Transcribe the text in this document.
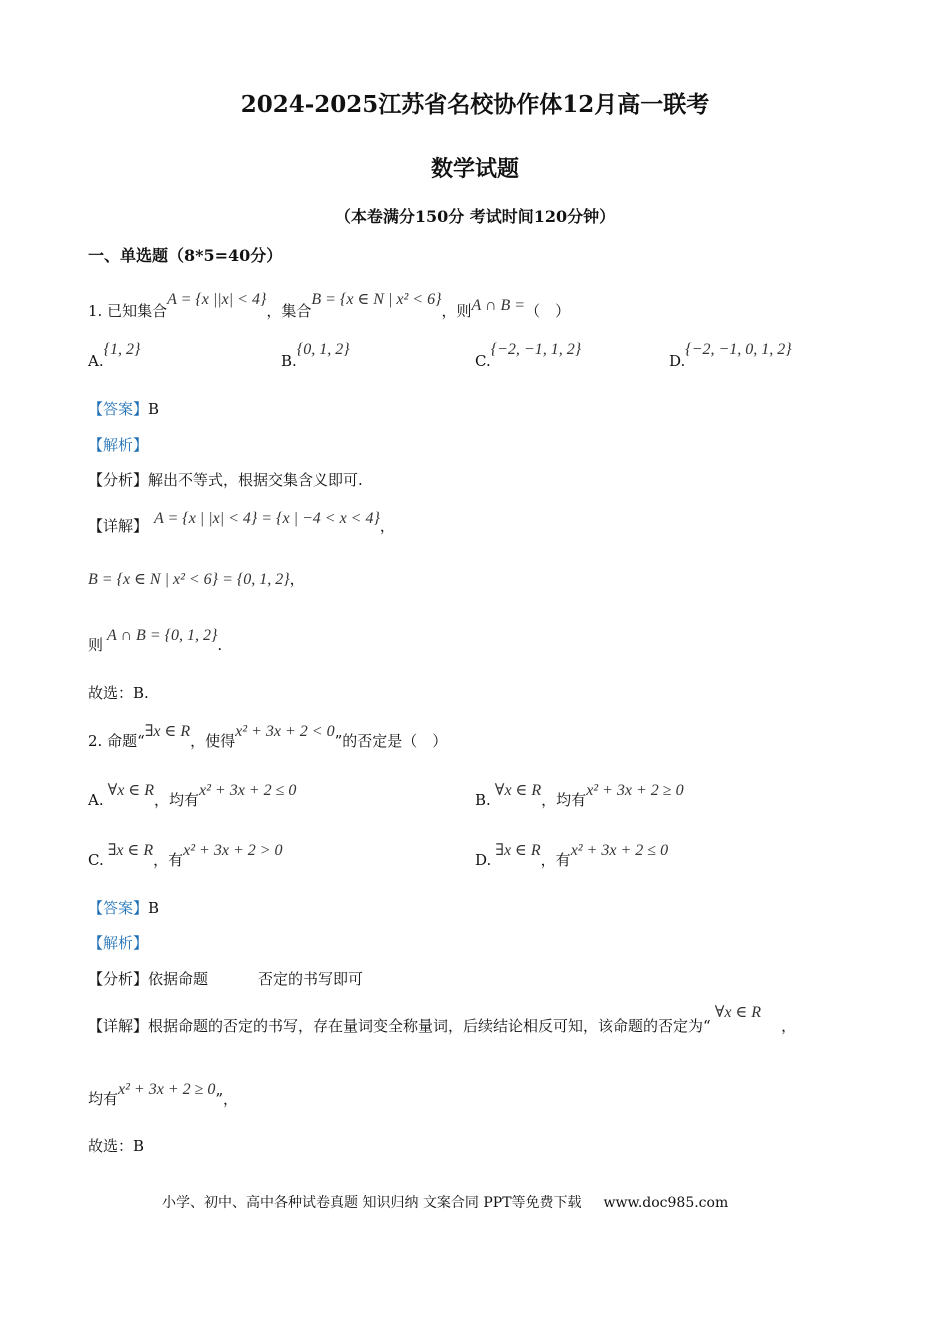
2024-2025江苏省名校协作体12月高一联考
数学试题
（本卷满分150分 考试时间120分钟）
一、单选题（8*5=40分）
1. 已知集合A = {x ||x| < 4}，集合B = {x ∈ N | x² < 6}，则A ∩ B =（　）
A.{1, 2}
B.{0, 1, 2}
C.{−2, −1, 1, 2}
D.{−2, −1, 0, 1, 2}
【答案】B
【解析】
【分析】解出不等式，根据交集含义即可.
【详解】 A = {x | |x| < 4} = {x | −4 < x < 4}，
B = {x ∈ N | x² < 6} = {0, 1, 2}，
则A ∩ B = {0, 1, 2}.
故选：B.
2. 命题“∃x ∈ R，使得x² + 3x + 2 < 0”的否定是（　）
A.∀x ∈ R，均有x² + 3x + 2 ≤ 0
B.∀x ∈ R，均有x² + 3x + 2 ≥ 0
C.∃x ∈ R，有x² + 3x + 2 > 0
D.∃x ∈ R，有x² + 3x + 2 ≤ 0
【答案】B
【解析】
【分析】依据命题	否定的书写即可
【详解】根据命题的否定的书写，存在量词变全称量词，后续结论相反可知，该命题的否定为“∀x ∈ R，
均有x² + 3x + 2 ≥ 0”，
故选：B
小学、初中、高中各种试卷真题 知识归纳 文案合同 PPT等免费下载 www.doc985.com
